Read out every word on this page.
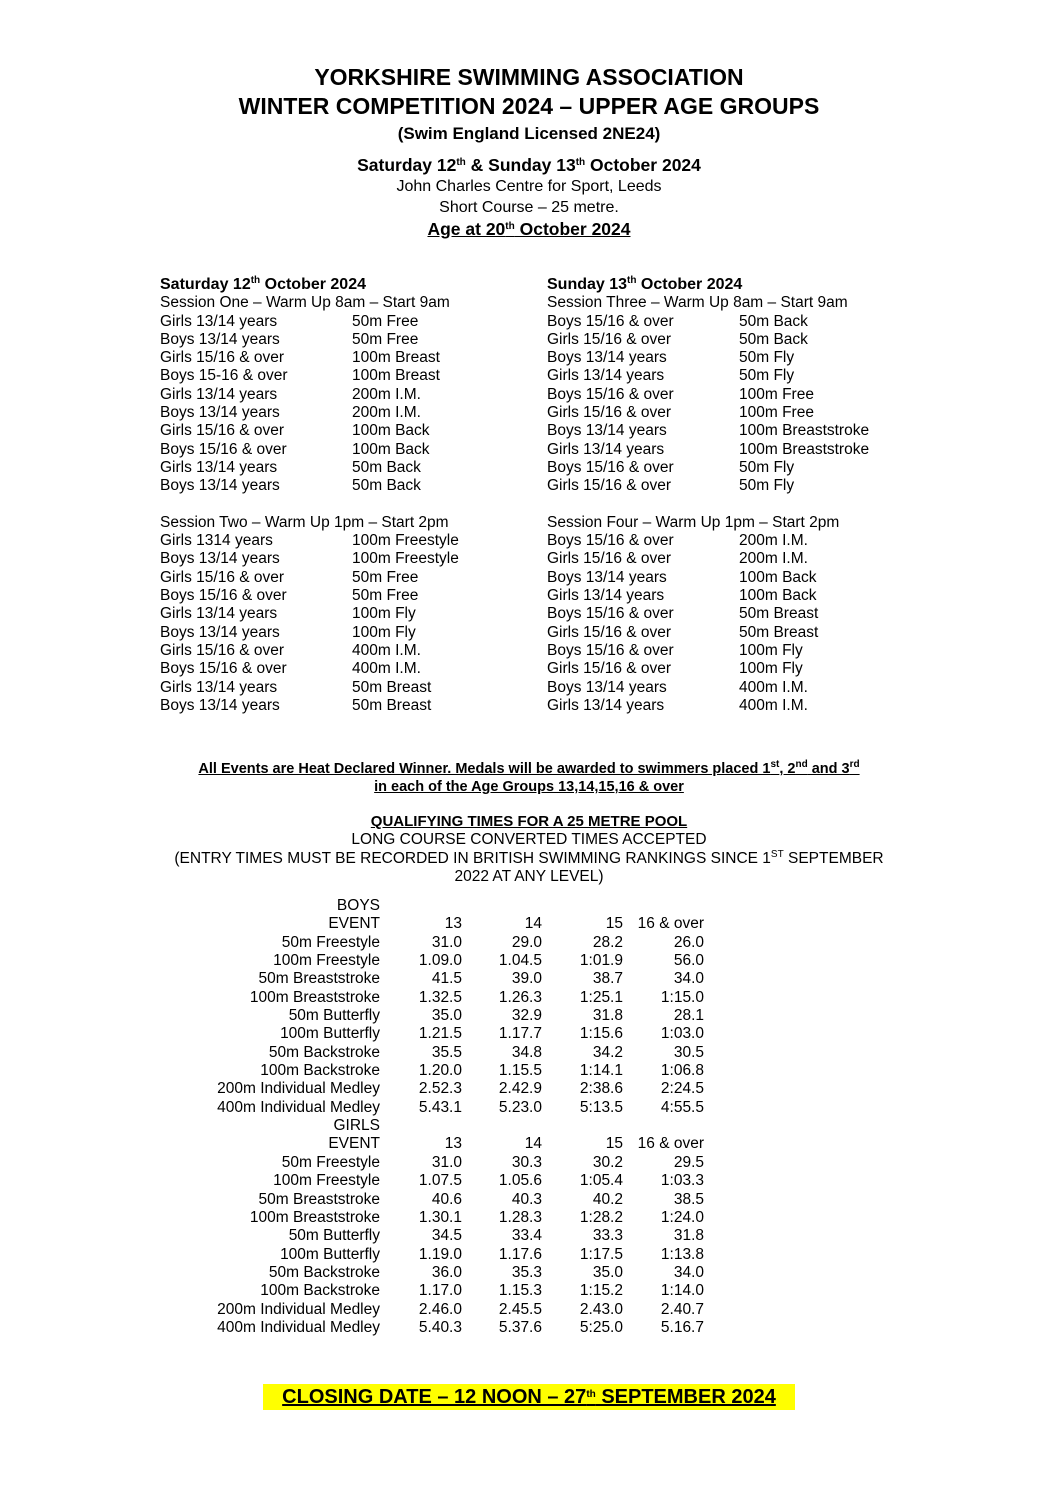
YORKSHIRE SWIMMING ASSOCIATION
WINTER COMPETITION 2024 – UPPER AGE GROUPS
(Swim England Licensed 2NE24)
Saturday 12th & Sunday 13th October 2024
John Charles Centre for Sport, Leeds
Short Course – 25 metre.
Age at 20th October 2024
Saturday 12th October 2024
Session One – Warm Up 8am – Start 9am
Girls 13/14 years	50m Free
Boys 13/14 years	50m Free
Girls 15/16 & over	100m Breast
Boys 15-16 & over	100m Breast
Girls 13/14 years	200m I.M.
Boys 13/14 years	200m I.M.
Girls 15/16 & over	100m Back
Boys 15/16 & over	100m Back
Girls 13/14 years	50m Back
Boys 13/14 years	50m Back
Session Two – Warm Up 1pm – Start 2pm
Girls 1314 years	100m Freestyle
Boys 13/14 years	100m Freestyle
Girls 15/16 & over	50m Free
Boys 15/16 & over	50m Free
Girls 13/14 years	100m Fly
Boys 13/14 years	100m Fly
Girls 15/16 & over	400m I.M.
Boys 15/16 & over	400m I.M.
Girls 13/14 years	50m Breast
Boys 13/14 years	50m Breast
Sunday 13th October 2024
Session Three – Warm Up 8am – Start 9am
Boys 15/16 & over	50m Back
Girls 15/16 & over	50m Back
Boys 13/14 years	50m Fly
Girls 13/14 years	50m Fly
Boys 15/16 & over	100m Free
Girls 15/16 & over	100m Free
Boys 13/14 years	100m Breaststroke
Girls 13/14 years	100m Breaststroke
Boys 15/16 & over	50m Fly
Girls 15/16 & over	50m Fly
Session Four – Warm Up 1pm – Start 2pm
Boys 15/16 & over	200m I.M.
Girls 15/16 & over	200m I.M.
Boys 13/14 years	100m Back
Girls 13/14 years	100m Back
Boys 15/16 & over	50m Breast
Girls 15/16 & over	50m Breast
Boys 15/16 & over	100m Fly
Girls 15/16 & over	100m Fly
Boys 13/14 years	400m I.M.
Girls 13/14 years	400m I.M.
All Events are Heat Declared Winner. Medals will be awarded to swimmers placed 1st, 2nd and 3rd
in each of the Age Groups 13,14,15,16 & over
QUALIFYING TIMES FOR A 25 METRE POOL
LONG COURSE CONVERTED TIMES ACCEPTED
(ENTRY TIMES MUST BE RECORDED IN BRITISH SWIMMING RANKINGS SINCE 1ST SEPTEMBER
2022 AT ANY LEVEL)
BOYS
EVENT	13	14	15 16 & over
50m Freestyle	31.0	29.0	28.2	26.0
100m Freestyle	1.09.0 1.04.5 1:01.9	56.0
50m Breaststroke	41.5	39.0	38.7	34.0
100m Breaststroke	1.32.5 1.26.3 1:25.1 1:15.0
50m Butterfly	35.0	32.9	31.8	28.1
100m Butterfly	1.21.5 1.17.7 1:15.6 1:03.0
50m Backstroke	35.5	34.8	34.2	30.5
100m Backstroke	1.20.0 1.15.5 1:14.1 1:06.8
200m Individual Medley	2.52.3 2.42.9 2:38.6 2:24.5
400m Individual Medley	5.43.1 5.23.0 5:13.5 4:55.5
GIRLS
EVENT	13	14	15 16 & over
50m Freestyle	31.0	30.3	30.2	29.5
100m Freestyle	1.07.5 1.05.6 1:05.4 1:03.3
50m Breaststroke	40.6	40.3	40.2	38.5
100m Breaststroke	1.30.1 1.28.3 1:28.2 1:24.0
50m Butterfly	34.5	33.4	33.3	31.8
100m Butterfly	1.19.0 1.17.6 1:17.5 1:13.8
50m Backstroke	36.0	35.3	35.0	34.0
100m Backstroke	1.17.0 1.15.3 1:15.2 1:14.0
200m Individual Medley	2.46.0 2.45.5 2.43.0 2.40.7
400m Individual Medley	5.40.3 5.37.6 5:25.0 5.16.7
CLOSING DATE – 12 NOON – 27th SEPTEMBER 2024
